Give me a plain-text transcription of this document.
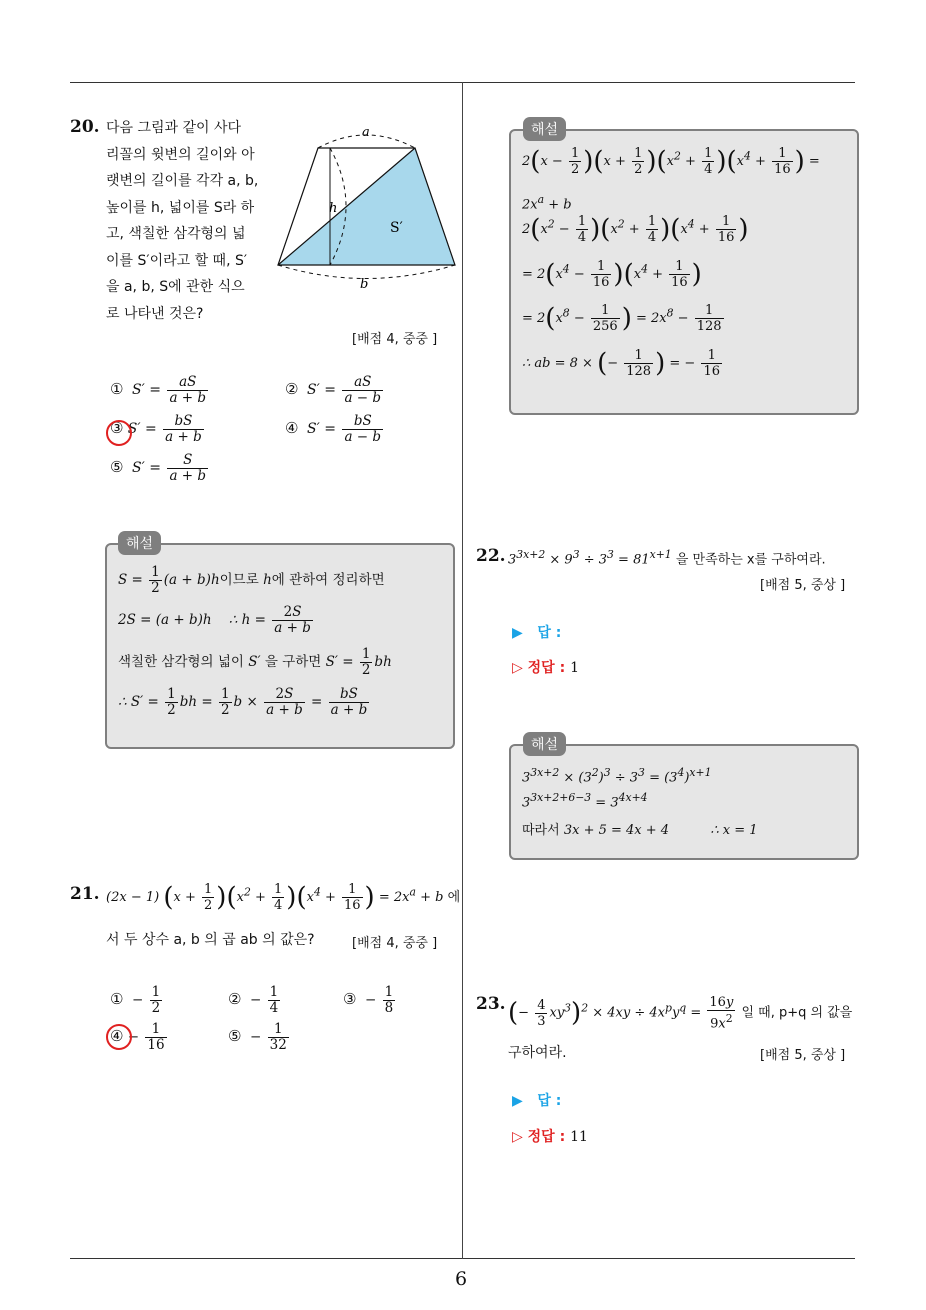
6
20. 다음 그림과 같이 사다
리꼴의 윗변의 길이와 아
랫변의 길이를 각각 a, b,
높이를 h, 넓이를 S라 하
고, 색칠한 삼각형의 넓
이를 S′이라고 할 때, S′
을 a, b, S에 관한 식으
로 나타낸 것은?
a
b
h
S′
[배점 4, 중중 ]
① $S' = \frac{aS}{a + b}$	② $S' = \frac{aS}{a - b}$
③ $S' = \frac{bS}{a + b}$	④ $S' = \frac{bS}{a - b}$
⑤ $S' = \frac{S}{a + b}$
해설
$S = \frac{1}{2} (a + b)h$이므로 h에 관하여 정리하면
2S = (a + b)h    ∴ $h = \frac{2S}{a + b}$
색칠한 삼각형의 넓이 S′ 을 구하면 $S' = \frac{1}{2}$ bh
∴ $S' = \frac{1}{2}$ bh = $\frac{1}{2}$ $b \times \frac{2S}{a + b} = \frac{bS}{a + b}$
21. (2x − 1) $(x + \frac{1}{2} )(x^2 + \frac{1}{4} )(x^4 + \frac{1}{16}$ ) = $2x^a + b$ 에
서 두 상수 a, b 의 곱 ab 의 값은?	[배점 4, 중중 ]
①  − $\frac{1}{2}$	②  − $\frac{1}{4}$	③  − $\frac{1}{8}$
④ − $\frac{1}{16}$	⑤  − $\frac{1}{32}$
해설
$2(x - \frac{1}{2} )(x + \frac{1}{2} )(x^2 + \frac{1}{4} )(x^4 + \frac{1}{16}$ ) =
$2x^a + b$
$2(x^2 - \frac{1}{4} )(x^2 + \frac{1}{4} )(x^4 + \frac{1}{16}$ )
= $2(x^4 - \frac{1}{16} )(x^4 + \frac{1}{16}$ )
= $2(x^8 - \frac{1}{256}$ ) = $2x^8 - \frac{1}{128}$
∴ ab = 8 × (− $\frac{1}{128}$ ) = − $\frac{1}{16}$
22. $3^{3x+2} \times 9^3 \div 3^3 = 81^{x+1}$ 을 만족하는 x를 구하여라.
[배점 5, 중상 ]
▶ 답 :
▷ 정답 : 1
해설
$3^{3x+2} \times (3^2)^3 \div 3^3 = (3^4)^{x+1}$
$3^{3x+2+6-3} = 3^{4x+4}$
따라서 3x + 5 = 4x + 4          ∴ x = 1
23. (− $\frac{4}{3} xy^3)^2 \times 4xy \div 4x^py^q = \frac{16y}{9x^2}$ 일 때, p+q 의 값을
구하여라.	[배점 5, 중상 ]
▶ 답 :
▷ 정답 : 11
